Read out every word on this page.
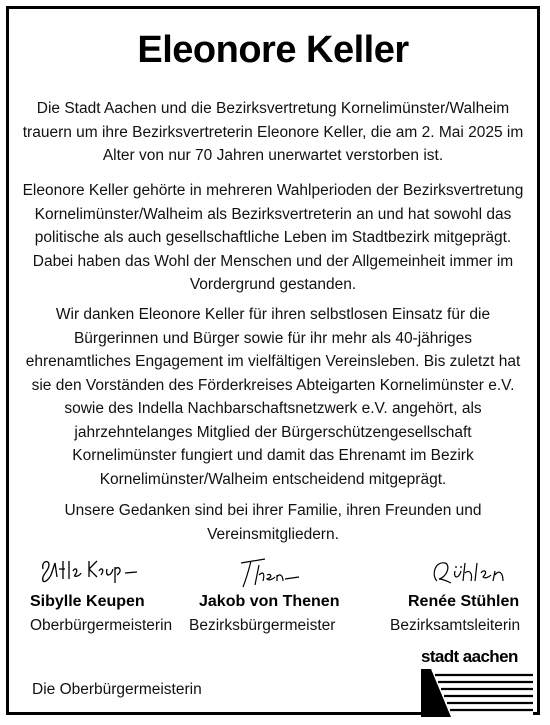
Eleonore Keller
Die Stadt Aachen und die Bezirksvertretung Kornelimünster/Walheim
trauern um ihre Bezirksvertreterin Eleonore Keller, die am 2. Mai 2025 im
Alter von nur 70 Jahren unerwartet verstorben ist.
Eleonore Keller gehörte in mehreren Wahlperioden der Bezirksvertretung
Kornelimünster/Walheim als Bezirksvertreterin an und hat sowohl das
politische als auch gesellschaftliche Leben im Stadtbezirk mitgeprägt.
Dabei haben das Wohl der Menschen und der Allgemeinheit immer im
Vordergrund gestanden.
Wir danken Eleonore Keller für ihren selbstlosen Einsatz für die
Bürgerinnen und Bürger sowie für ihr mehr als 40-jähriges
ehrenamtliches Engagement im vielfältigen Vereinsleben. Bis zuletzt hat
sie den Vorständen des Förderkreises Abteigarten Kornelimünster e.V.
sowie des Indella Nachbarschaftsnetzwerk e.V. angehört, als
jahrzehntelanges Mitglied der Bürgerschützengesellschaft
Kornelimünster fungiert und damit das Ehrenamt im Bezirk
Kornelimünster/Walheim entscheidend mitgeprägt.
Unsere Gedanken sind bei ihrer Familie, ihren Freunden und
Vereinsmitgliedern.
Sibylle Keupen	Jakob von Thenen	Renée Stühlen
Oberbürgermeisterin Bezirksbürgermeister	Bezirksamtsleiterin
Die Oberbürgermeisterin
stadt aachen
